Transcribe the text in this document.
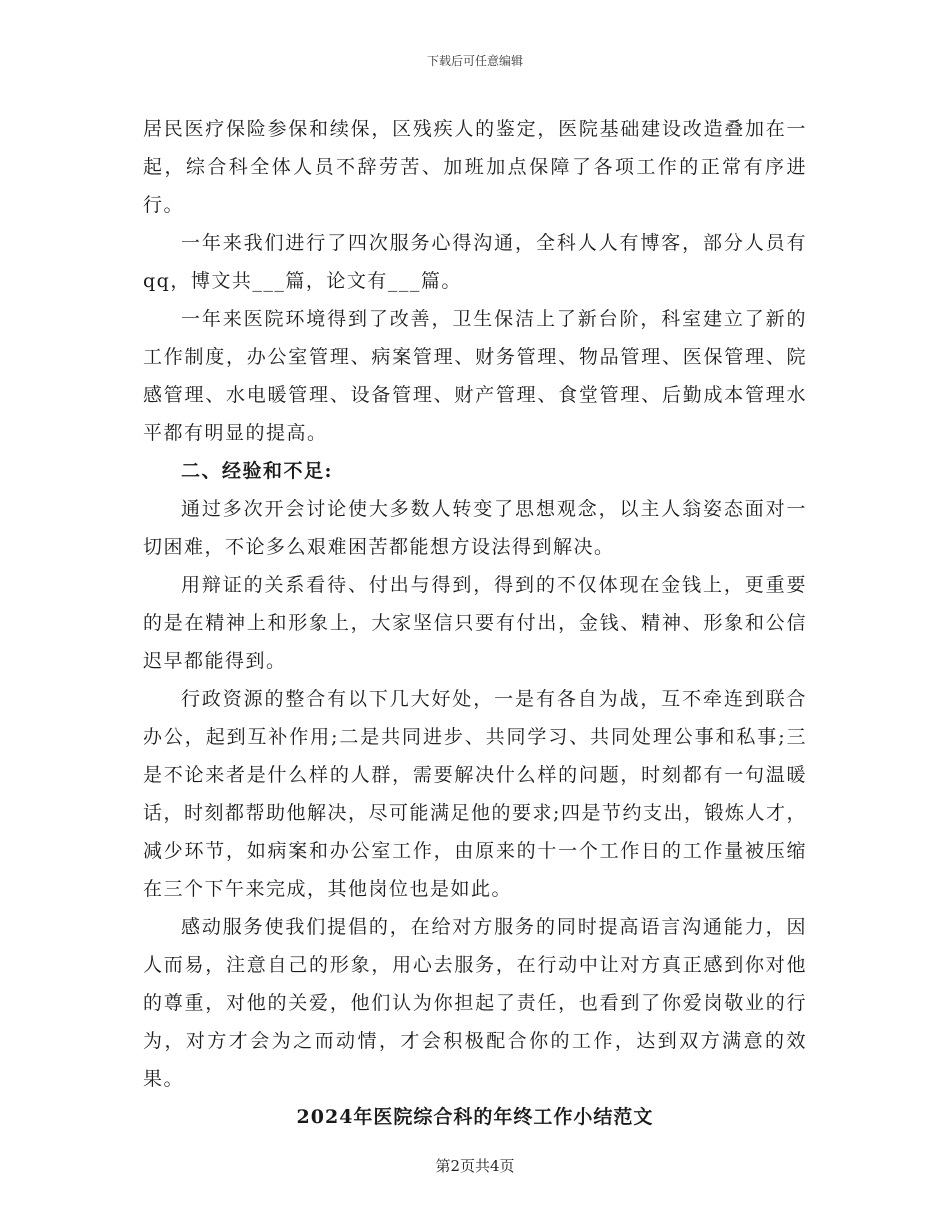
下载后可任意编辑

居民医疗保险参保和续保，区残疾人的鉴定，医院基础建设改造叠加在一起，综合科全体人员不辞劳苦、加班加点保障了各项工作的正常有序进行。

一年来我们进行了四次服务心得沟通，全科人人有博客，部分人员有qq，博文共___篇，论文有___篇。

一年来医院环境得到了改善，卫生保洁上了新台阶，科室建立了新的工作制度，办公室管理、病案管理、财务管理、物品管理、医保管理、院感管理、水电暖管理、设备管理、财产管理、食堂管理、后勤成本管理水平都有明显的提高。

二、经验和不足:

通过多次开会讨论使大多数人转变了思想观念，以主人翁姿态面对一切困难，不论多么艰难困苦都能想方设法得到解决。

用辩证的关系看待、付出与得到，得到的不仅体现在金钱上，更重要的是在精神上和形象上，大家坚信只要有付出，金钱、精神、形象和公信迟早都能得到。

行政资源的整合有以下几大好处，一是有各自为战，互不牵连到联合办公，起到互补作用;二是共同进步、共同学习、共同处理公事和私事;三是不论来者是什么样的人群，需要解决什么样的问题，时刻都有一句温暖话，时刻都帮助他解决，尽可能满足他的要求;四是节约支出，锻炼人才，减少环节，如病案和办公室工作，由原来的十一个工作日的工作量被压缩在三个下午来完成，其他岗位也是如此。

感动服务使我们提倡的，在给对方服务的同时提高语言沟通能力，因人而易，注意自己的形象，用心去服务，在行动中让对方真正感到你对他的尊重，对他的关爱，他们认为你担起了责任，也看到了你爱岗敬业的行为，对方才会为之而动情，才会积极配合你的工作，达到双方满意的效果。

2024年医院综合科的年终工作小结范文

第2页共4页
